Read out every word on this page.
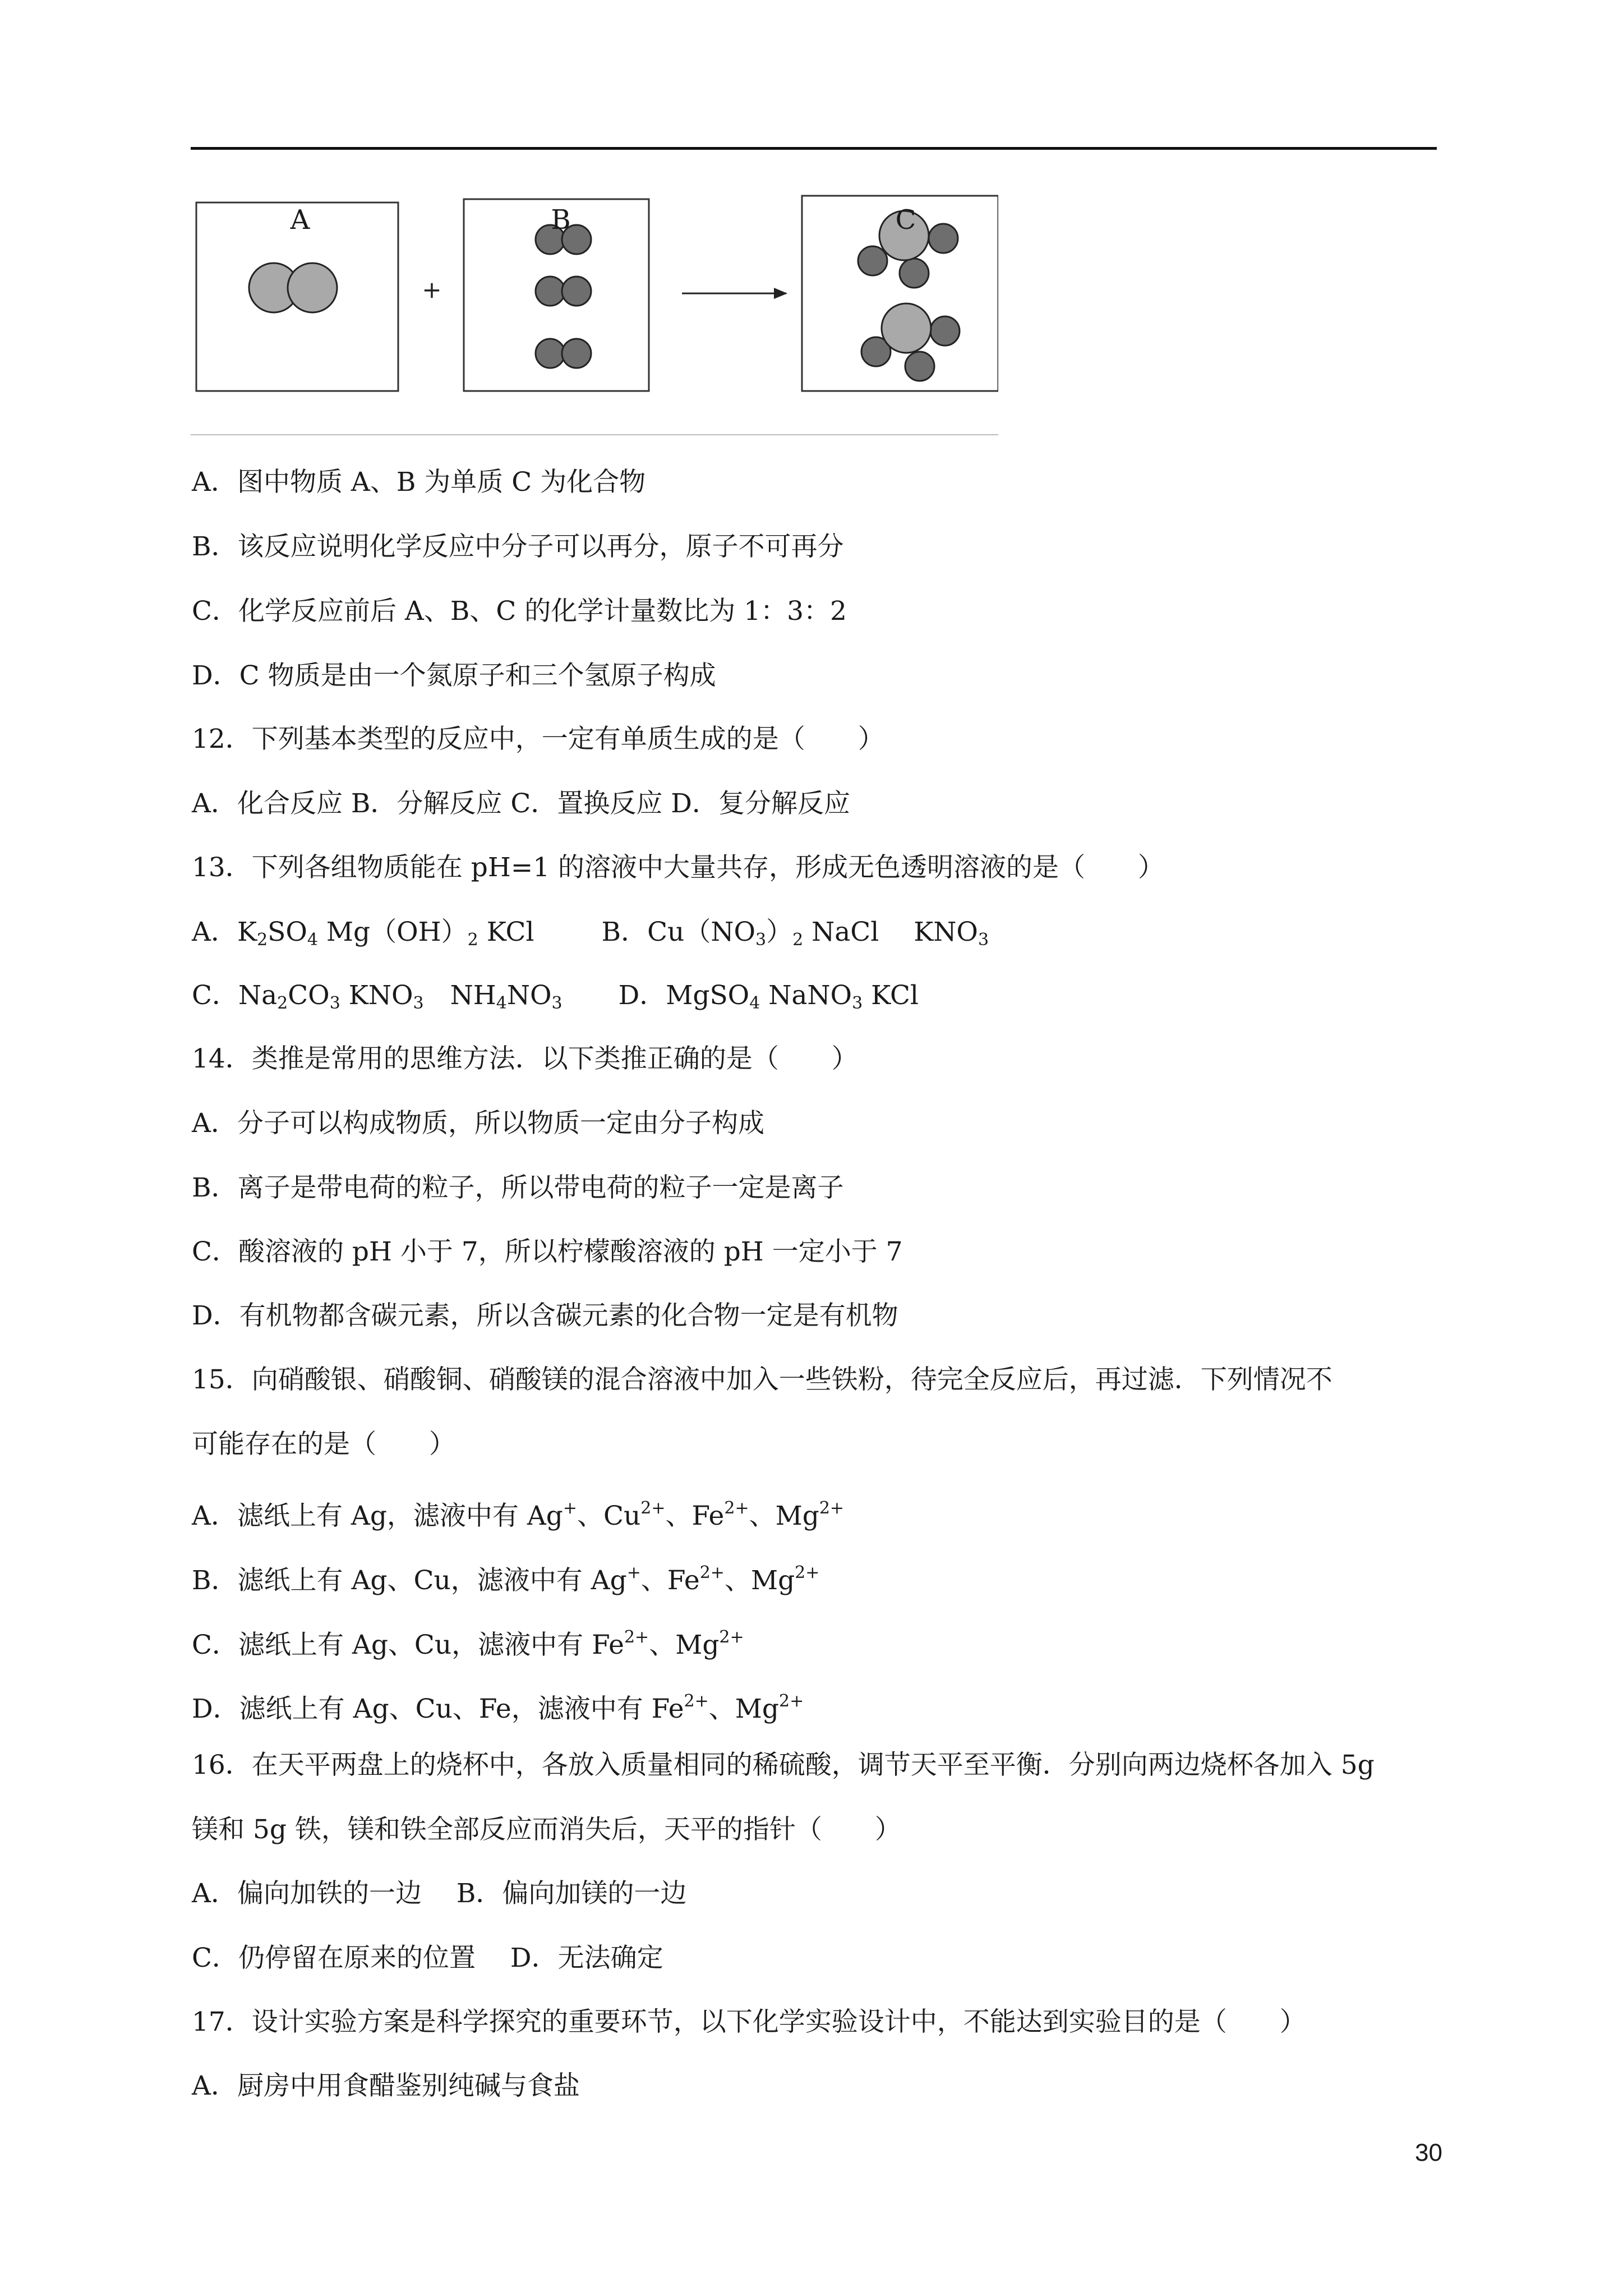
+
A	B	C
A．图中物质 A、B 为单质 C 为化合物
B．该反应说明化学反应中分子可以再分，原子不可再分
C．化学反应前后 A、B、C 的化学计量数比为 1：3：2
D．C 物质是由一个氮原子和三个氢原子构成
12．下列基本类型的反应中，一定有单质生成的是（　　）
A．化合反应 B．分解反应 C．置换反应 D．复分解反应
13．下列各组物质能在 pH=1 的溶液中大量共存，形成无色透明溶液的是（　　）
A．$K_2SO_4$ $Mg(OH)_2$ KCl	B．$Cu(NO_3)_2$ NaCl　 $KNO_3$
C．$Na_2CO_3$ $KNO_3$　$NH_4NO_3$ D．MgSO$_4$ NaNO$_3$ KCl
14．类推是常用的思维方法．以下类推正确的是（　　）
A．分子可以构成物质，所以物质一定由分子构成
B．离子是带电荷的粒子，所以带电荷的粒子一定是离子
C．酸溶液的 pH 小于 7，所以柠檬酸溶液的 pH 一定小于 7
D．有机物都含碳元素，所以含碳元素的化合物一定是有机物
15．向硝酸银、硝酸铜、硝酸镁的混合溶液中加入一些铁粉，待完全反应后，再过滤．下列情况不
可能存在的是（　　）
A．滤纸上有 Ag，滤液中有 Ag+、$Cu^{2+}$、$Fe^{2+}$、$Mg^{2+}$
B．滤纸上有 Ag、Cu，滤液中有 Ag+、$Fe^{2+}$、$Mg^{2+}$
C．滤纸上有 Ag、Cu，滤液中有 $Fe^{2+}$、$Mg^{2+}$
D．滤纸上有 Ag、Cu、Fe，滤液中有 $Fe^{2+}$、$Mg^{2+}$
16．在天平两盘上的烧杯中，各放入质量相同的稀硫酸，调节天平至平衡．分别向两边烧杯各加入 5g
镁和 5g 铁，镁和铁全部反应而消失后，天平的指针（　　）
A．偏向加铁的一边　 B．偏向加镁的一边
C．仍停留在原来的位置　 D．无法确定
17．设计实验方案是科学探究的重要环节，以下化学实验设计中，不能达到实验目的是（　　）
A．厨房中用食醋鉴别纯碱与食盐
30
